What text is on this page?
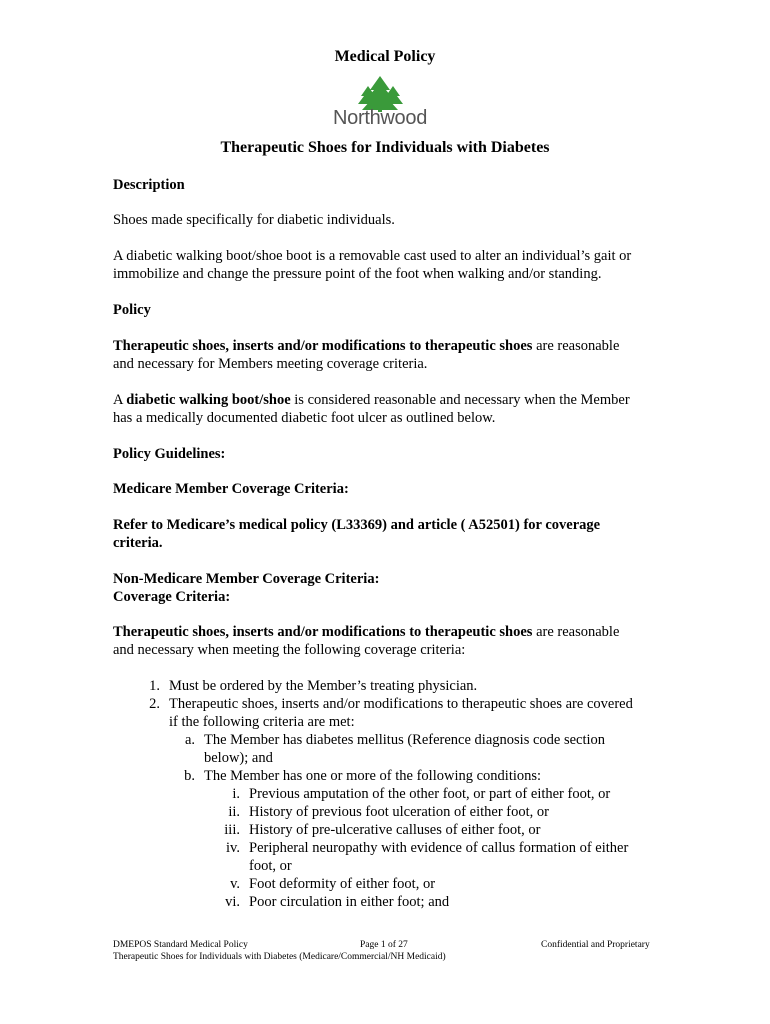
Medical Policy
Northwood
Therapeutic Shoes for Individuals with Diabetes
Description
Shoes made specifically for diabetic individuals.
A diabetic walking boot/shoe boot is a removable cast used to alter an individual’s gait or
immobilize and change the pressure point of the foot when walking and/or standing.
Policy
Therapeutic shoes, inserts and/or modifications to therapeutic shoes are reasonable
and necessary for Members meeting coverage criteria.
A diabetic walking boot/shoe is considered reasonable and necessary when the Member
has a medically documented diabetic foot ulcer as outlined below.
Policy Guidelines:
Medicare Member Coverage Criteria:
Refer to Medicare’s medical policy (L33369) and article ( A52501) for coverage
criteria.
Non-Medicare Member Coverage Criteria:
Coverage Criteria:
Therapeutic shoes, inserts and/or modifications to therapeutic shoes are reasonable
and necessary when meeting the following coverage criteria:
1. Must be ordered by the Member’s treating physician.
2. Therapeutic shoes, inserts and/or modifications to therapeutic shoes are covered
if the following criteria are met:
a. The Member has diabetes mellitus (Reference diagnosis code section
below); and
b. The Member has one or more of the following conditions:
i. Previous amputation of the other foot, or part of either foot, or
ii. History of previous foot ulceration of either foot, or
iii. History of pre-ulcerative calluses of either foot, or
iv. Peripheral neuropathy with evidence of callus formation of either
foot, or
v. Foot deformity of either foot, or
vi. Poor circulation in either foot; and
DMEPOS Standard Medical Policy	Page 1 of 27	Confidential and Proprietary
Therapeutic Shoes for Individuals with Diabetes (Medicare/Commercial/NH Medicaid)
